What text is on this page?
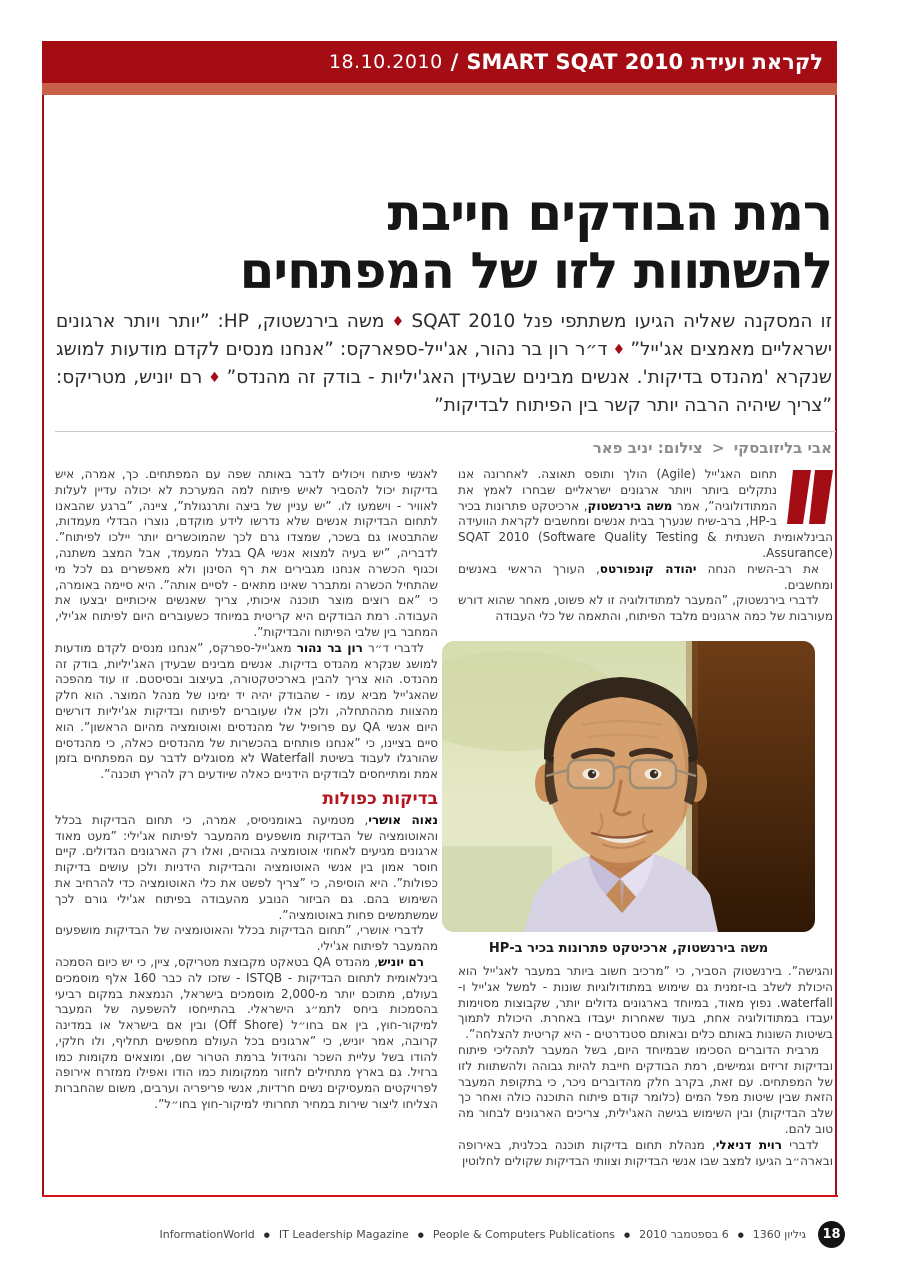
18.10.2010 / SMART SQAT 2010 לקראת ועידת
רמת הבודקים חייבת
להשתוות לזו של המפתחים
זו המסקנה שאליה הגיעו משתתפי פנל SQAT 2010♦משה בירנשטוק, HP: ”יותר ויותר ארגונים ישראליים מאמצים אג'ייל”♦ד״ר רון בר נהור, אג'ייל-ספארקס: ”אנחנו מנסים לקדם מודעות למושג שנקרא 'מהנדס בדיקות'. אנשים מבינים שבעידן האג'יליות - בודק זה מהנדס”♦רם יוניש, מטריקס: ”צריך שיהיה הרבה יותר קשר בין הפיתוח לבדיקות”
אבי בליזובסקי > צילום: יניב פאר

תחום האג'ייל (Agile) הולך ותופס תאוצה. לאחרונה אנו נתקלים ביותר ויותר ארגונים ישראליים שבחרו לאמץ את המתודולוגיה”, אמר משה בירנשטוק, ארכיטקט פתרונות בכיר ב-HP, ברב-שיח שנערך בבית אנשים ומחשבים לקראת הוועידה הבינלאומית השנתית SQAT 2010 (Software Quality Testing & Assurance).

את רב-השיח הנחה יהודה קונפורטס, העורך הראשי באנשים ומחשבים.

לדברי בירנשטוק, ”המעבר למתודולוגיה זו לא פשוט, מאחר שהוא דורש מעורבות של כמה ארגונים מלבד הפיתוח, והתאמה של כלי העבודה

משה בירנשטוק, ארכיטקט פתרונות בכיר ב-HP

והגישה”. בירנשטוק הסביר, כי ”מרכיב חשוב ביותר במעבר לאג'ייל הוא היכולת לשלב בו-זמנית גם שימוש במתודולוגיות שונות - למשל אג'ייל ו-waterfall. נפוץ מאוד, במיוחד בארגונים גדולים יותר, שקבוצות מסוימות יעבדו במתודולוגיה אחת, בעוד שאחרות יעבדו באחרת. היכולת לתמוך בשיטות השונות באותם כלים ובאותם סטנדרטים - היא קריטית להצלחה”.

מרבית הדוברים הסכימו שבמיוחד היום, בשל המעבר לתהליכי פיתוח ובדיקות זריזים וגמישים, רמת הבודקים חייבת להיות גבוהה ולהשתוות לזו של המפתחים. עם זאת, בקרב חלק מהדוברים ניכר, כי בתקופת המעבר הזאת שבין שיטות מפל המים (כלומר קודם פיתוח התוכנה כולה ואחר כך שלב הבדיקות) ובין השימוש בגישה האג'ילית, צריכים הארגונים לבחור מה טוב להם.

לדברי רוית דניאלי, מנהלת תחום בדיקות תוכנה בכלנית, באירופה ובארה״ב הגיעו למצב שבו אנשי הבדיקות וצוותי הבדיקות שקולים לחלוטין

לאנשי פיתוח ויכולים לדבר באותה שפה עם המפתחים. כך, אמרה, איש בדיקות יכול להסביר לאיש פיתוח למה המערכת לא יכולה עדיין לעלות לאוויר - וישמעו לו. ”יש עניין של ביצה ותרנגולת”, ציינה, ”ברגע שהבאנו לתחום הבדיקות אנשים שלא נדרשו לידע מוקדם, נוצרו הבדלי מעמדות, שהתבטאו גם בשכר, שמצדו גרם לכך שהמוכשרים יותר יילכו לפיתוח”. לדבריה, ”יש בעיה למצוא אנשי QA בגלל המעמד, אבל המצב משתנה, וכגוף הכשרה אנחנו מגבירים את רף הסינון ולא מאפשרים גם לכל מי שהתחיל הכשרה ומתברר שאינו מתאים - לסיים אותה”. היא סיימה באומרה, כי ”אם רוצים מוצר תוכנה איכותי, צריך שאנשים איכותיים יבצעו את העבודה. רמת הבודקים היא קריטית במיוחד כשעוברים היום לפיתוח אג'ילי, המחבר בין שלבי הפיתוח והבדיקות”.

לדברי ד״ר רון בר נהור מאג'ייל-ספרקס, ”אנחנו מנסים לקדם מודעות למושג שנקרא מהנדס בדיקות. אנשים מבינים שבעידן האג'יליות, בודק זה מהנדס. הוא צריך להבין בארכיטקטורה, בעיצוב ובסיסטם. זו עוד מהפכה שהאג'ייל מביא עמו - שהבודק יהיה יד ימינו של מנהל המוצר. הוא חלק מהצוות מההתחלה, ולכן אלו שעוברים לפיתוח ובדיקות אג'יליות דורשים היום אנשי QA עם פרופיל של מהנדסים ואוטומציה מהיום הראשון”. הוא סיים בציינו, כי ”אנחנו פותחים בהכשרות של מהנדסים כאלה, כי מהנדסים שהורגלו לעבוד בשיטת Waterfall לא מסוגלים לדבר עם המפתחים בזמן אמת ומתייחסים לבודקים הידניים כאלה שיודעים רק להריץ תוכנה”.

בדיקות כפולות

נאוה אושרי, מטמיעה באומניסיס, אמרה, כי תחום הבדיקות בכלל והאוטומציה של הבדיקות מושפעים מהמעבר לפיתוח אג'ילי: ”מעט מאוד ארגונים מגיעים לאחוזי אוטומציה גבוהים, ואלו רק הארגונים הגדולים. קיים חוסר אמון בין אנשי האוטומציה והבדיקות הידניות ולכן עושים בדיקות כפולות”. היא הוסיפה, כי ”צריך לפשט את כלי האוטומציה כדי להרחיב את השימוש בהם. גם הביזור הנובע מהעבודה בפיתוח אג'ילי גורם לכך שמשתמשים פחות באוטומציה”.

לדברי אושרי, ”תחום הבדיקות בכלל והאוטומציה של הבדיקות מושפעים מהמעבר לפיתוח אג'ילי.

רם יוניש, מהנדס QA בטאקט מקבוצת מטריקס, ציין, כי יש כיום הסמכה בינלאומית לתחום הבדיקות - ISTQB - שזכו לה כבר 160 אלף מוסמכים בעולם, מתוכם יותר מ-2,000 מוסמכים בישראל, הנמצאת במקום רביעי בהסמכות ביחס לתמ״ג הישראלי. בהתייחסו להשפעה של המעבר למיקור-חוץ, בין אם בחו״ל (Off Shore) ובין אם בישראל או במדינה קרובה, אמר יוניש, כי ”ארגונים בכל העולם מחפשים תחליף, ולו חלקי, להודו בשל עליית השכר והגידול ברמת הטרור שם, ומוצאים מקומות כמו ברזיל. גם בארץ מתחילים לחזור ממקומות כמו הודו ואפילו ממזרח אירופה לפרויקטים המעסיקים נשים חרדיות, אנשי פריפריה וערבים, משום שהחברות הצליחו ליצור שירות במחיר תחרותי למיקור-חוץ בחו״ל”.

InformationWorld ● IT Leadership Magazine ● People & Computers Publications ● 6 בספטמבר 2010 ● גיליון 1360	18
